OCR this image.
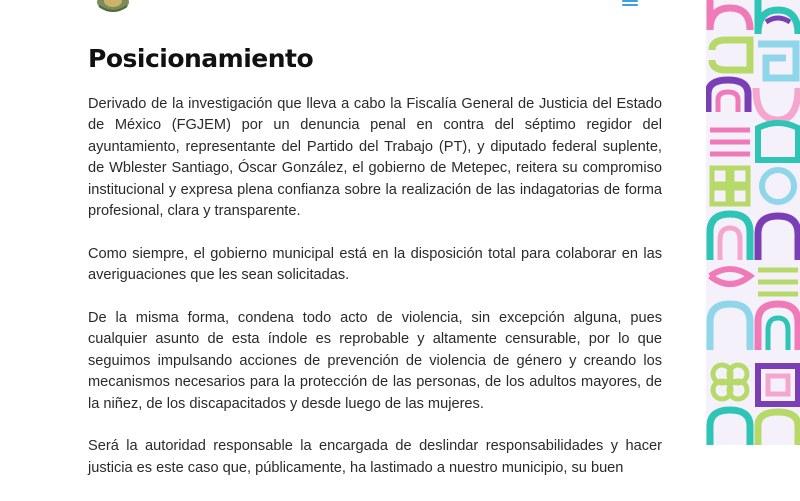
Posicionamiento

Derivado de la investigación que lleva a cabo la Fiscalía General de Justicia del Estado de México (FGJEM) por un denuncia penal en contra del séptimo regidor del ayuntamiento, representante del Partido del Trabajo (PT), y diputado federal suplente, de Wblester Santiago, Óscar González, el gobierno de Metepec, reitera su compromiso institucional y expresa plena confianza sobre la realización de las indagatorias de forma profesional, clara y transparente.

Como siempre, el gobierno municipal está en la disposición total para colaborar en las averiguaciones que les sean solicitadas.

De la misma forma, condena todo acto de violencia, sin excepción alguna, pues cualquier asunto de esta índole es reprobable y altamente censurable, por lo que seguimos impulsando acciones de prevención de violencia de género y creando los mecanismos necesarios para la protección de las personas, de los adultos mayores, de la niñez, de los discapacitados y desde luego de las mujeres.

Será la autoridad responsable la encargada de deslindar responsabilidades y hacer justicia es este caso que, públicamente, ha lastimado a nuestro municipio, su buen
